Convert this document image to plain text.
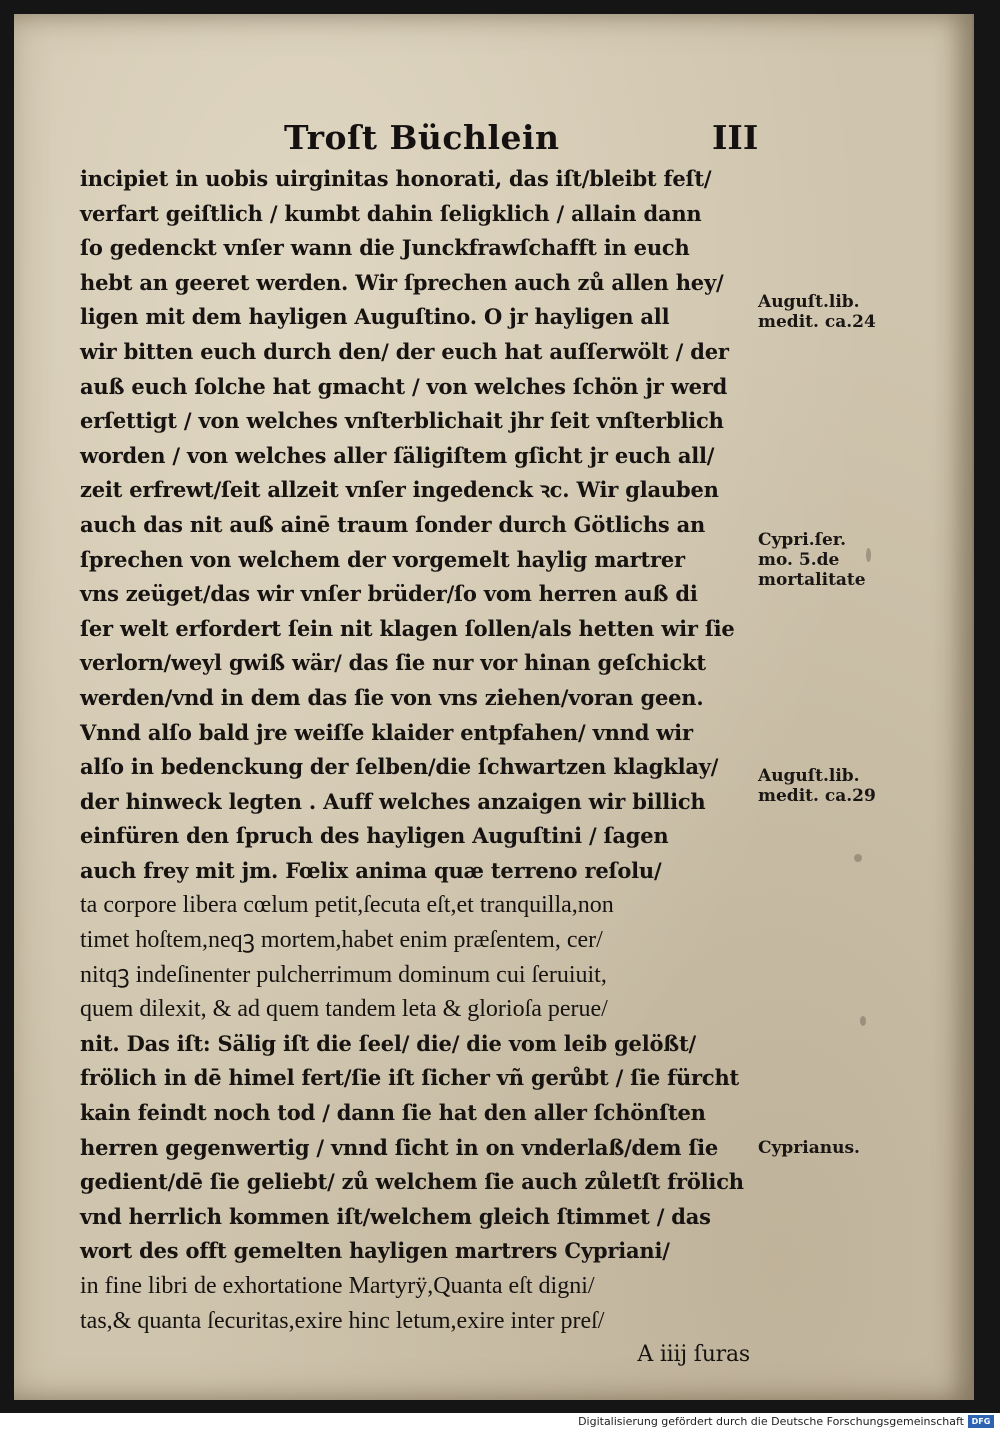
Troſt Büchlein	III
incipiet in uobis uirginitas honorati, das iſt/bleibt feſt/
verfart geiſtlich / kumbt dahin ſeligklich / allain dann
ſo gedenckt vnſer wann die Junckfrawſchafft in euch
hebt an geeret werden. Wir ſprechen auch zů allen hey/
ligen mit dem hayligen Auguſtino. O jr hayligen all
wir bitten euch durch den/ der euch hat auſſerwölt / der
auß euch ſolche hat gmacht / von welches ſchön jr werd
erſettigt / von welches vnſterblichait jhr ſeit vnſterblich
worden / von welches aller ſäligiſtem gſicht jr euch all/
zeit erfrewt/ſeit allzeit vnſer ingedenck ꝛc. Wir glauben
auch das nit auß ainē traum ſonder durch Götlichs an
ſprechen von welchem der vorgemelt haylig martrer
vns zeüget/das wir vnſer brüder/ſo vom herren auß di
ſer welt erfordert ſein nit klagen ſollen/als hetten wir ſie
verlorn/weyl gwiß wär/ das ſie nur vor hinan geſchickt
werden/vnd in dem das ſie von vns ziehen/voran geen.
Vnnd alſo bald jre weiſſe klaider entpfahen/ vnnd wir
alſo in bedenckung der ſelben/die ſchwartzen klagklay/
der hinweck legten . Auff welches anzaigen wir billich
einfüren den ſpruch des hayligen Auguſtini / ſagen
auch frey mit jm. Fœlix anima quæ terreno reſolu/
ta corpore libera cœlum petit,ſecuta eſt,et tranquilla,non
timet hoſtem,neqꝫ mortem,habet enim præſentem, cer/
nitqꝫ indeſinenter pulcherrimum dominum cui ſeruiuit,
quem dilexit, & ad quem tandem leta & glorioſa perue/
nit. Das iſt: Sälig iſt die ſeel/ die/ die vom leib gelößt/
frölich in dē himel fert/ſie iſt ſicher vñ gerůbt / ſie fürcht
kain feindt noch tod / dann ſie hat den aller ſchönſten
herren gegenwertig / vnnd ſicht in on vnderlaß/dem ſie
gedient/dē ſie geliebt/ zů welchem ſie auch zůletſt frölich
vnd herrlich kommen iſt/welchem gleich ſtimmet / das
wort des offt gemelten hayligen martrers Cypriani/
in fine libri de exhortatione Martyrÿ,Quanta eſt digni/
tas,& quanta ſecuritas,exire hinc letum,exire inter preſ/
A iiij ſuras
Auguſt.lib.
medit. ca.24
Cypri.ſer.
mo. 5.de
mortalitate
Auguſt.lib.
medit. ca.29
Cyprianus.
Digitalisierung gefördert durch die Deutsche Forschungsgemeinschaft DFG
